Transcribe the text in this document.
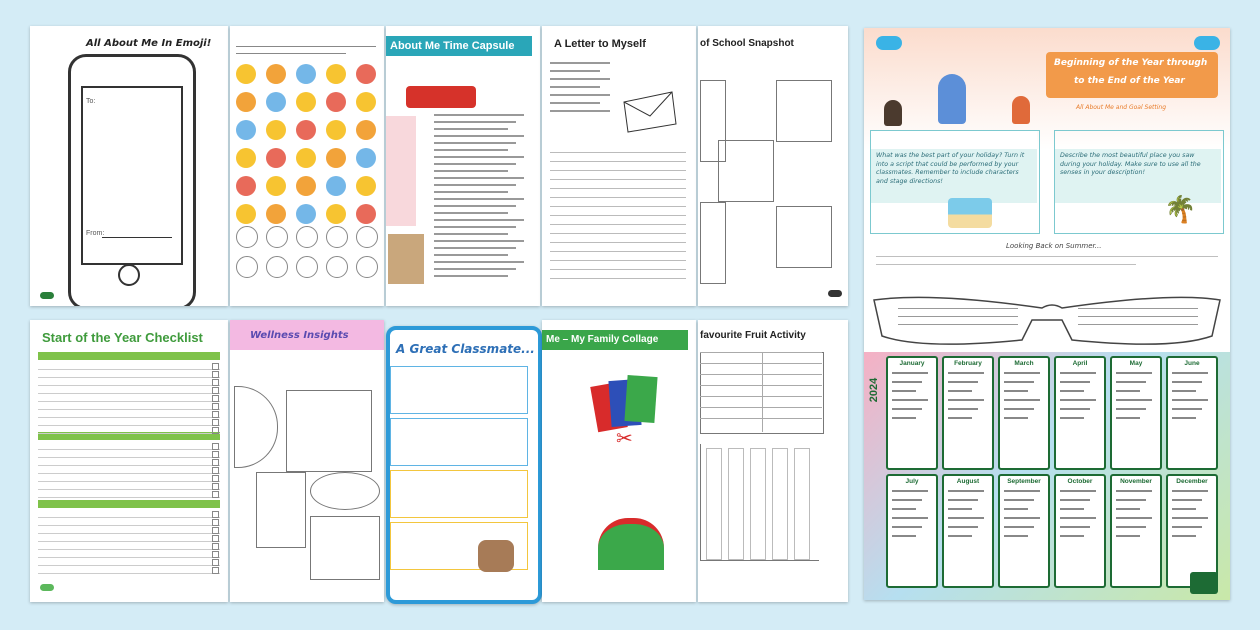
All About Me In Emoji!
To:
From:
About Me Time Capsule	A Letter to Myself	of School Snapshot
Start of the Year Checklist	Wellness Insights
A Great Classmate...
Me – My Family Collage
✂
favourite Fruit Activity
Beginning of the Year through
to the End of the Year
All About Me and Goal Setting
What was the best part of your holiday? Turn it into a script that could be performed by your classmates. Remember to include characters and stage directions!
Describe the most beautiful place you saw during your holiday. Make sure to use all the senses in your description!
🌴
Looking Back on Summer...
2024
January	February	March	April	May	June
July	August	September	October	November	December
